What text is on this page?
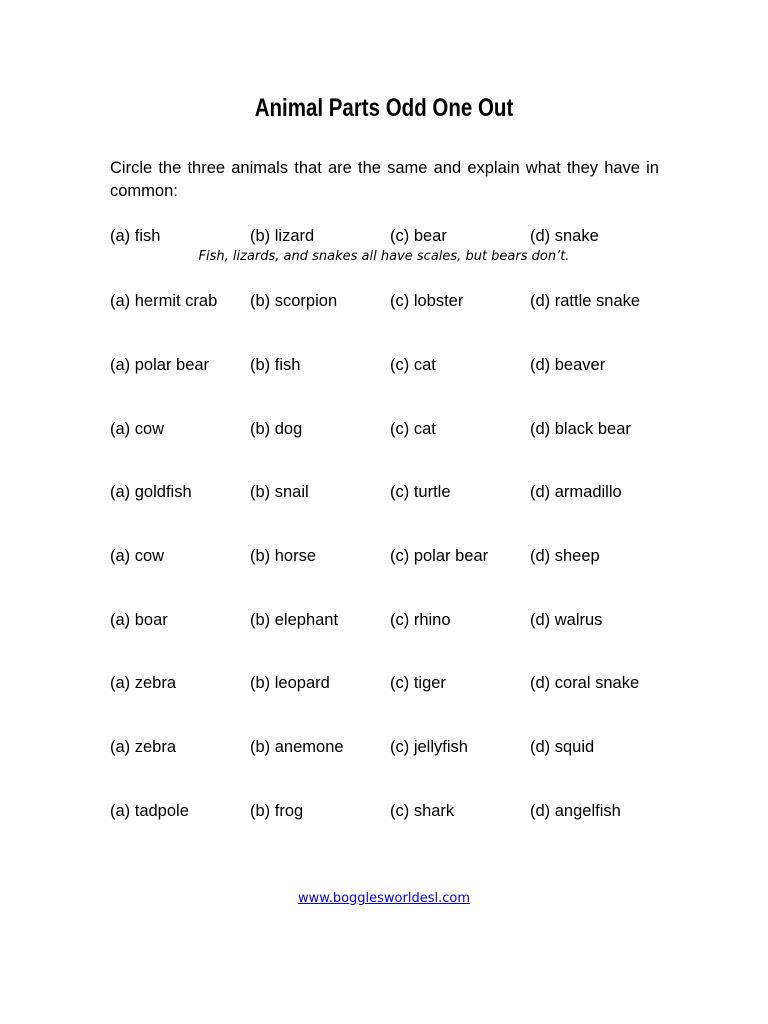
Animal Parts Odd One Out
Circle the three animals that are the same and explain what they have in common:
(a) fish	(b) lizard	(c) bear	(d) snake
Fish, lizards, and snakes all have scales, but bears don’t.
(a) hermit crab (b) scorpion	(c) lobster	(d) rattle snake
(a) polar bear (b) fish	(c) cat	(d) beaver
(a) cow	(b) dog	(c) cat	(d) black bear
(a) goldfish	(b) snail	(c) turtle	(d) armadillo
(a) cow	(b) horse	(c) polar bear	(d) sheep
(a) boar	(b) elephant	(c) rhino	(d) walrus
(a) zebra	(b) leopard	(c) tiger	(d) coral snake
(a) zebra	(b) anemone	(c) jellyfish	(d) squid
(a) tadpole	(b) frog	(c) shark	(d) angelfish
www.bogglesworldesl.com
